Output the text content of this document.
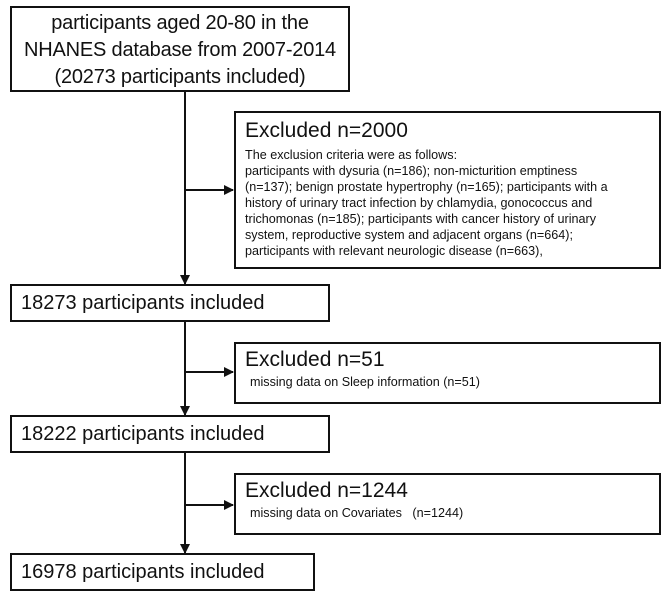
participants aged 20-80 in the
NHANES database from 2007-2014
(20273 participants included)
Excluded n=2000
The exclusion criteria were as follows:
participants with dysuria (n=186); non-micturition emptiness
(n=137); benign prostate hypertrophy (n=165); participants with a
history of urinary tract infection by chlamydia, gonococcus and
trichomonas (n=185); participants with cancer history of urinary
system, reproductive system and adjacent organs (n=664);
participants with relevant neurologic disease (n=663),
18273 participants included
Excluded n=51
missing data on Sleep information (n=51)
18222 participants included
Excluded n=1244
missing data on Covariates   (n=1244)
16978 participants included
